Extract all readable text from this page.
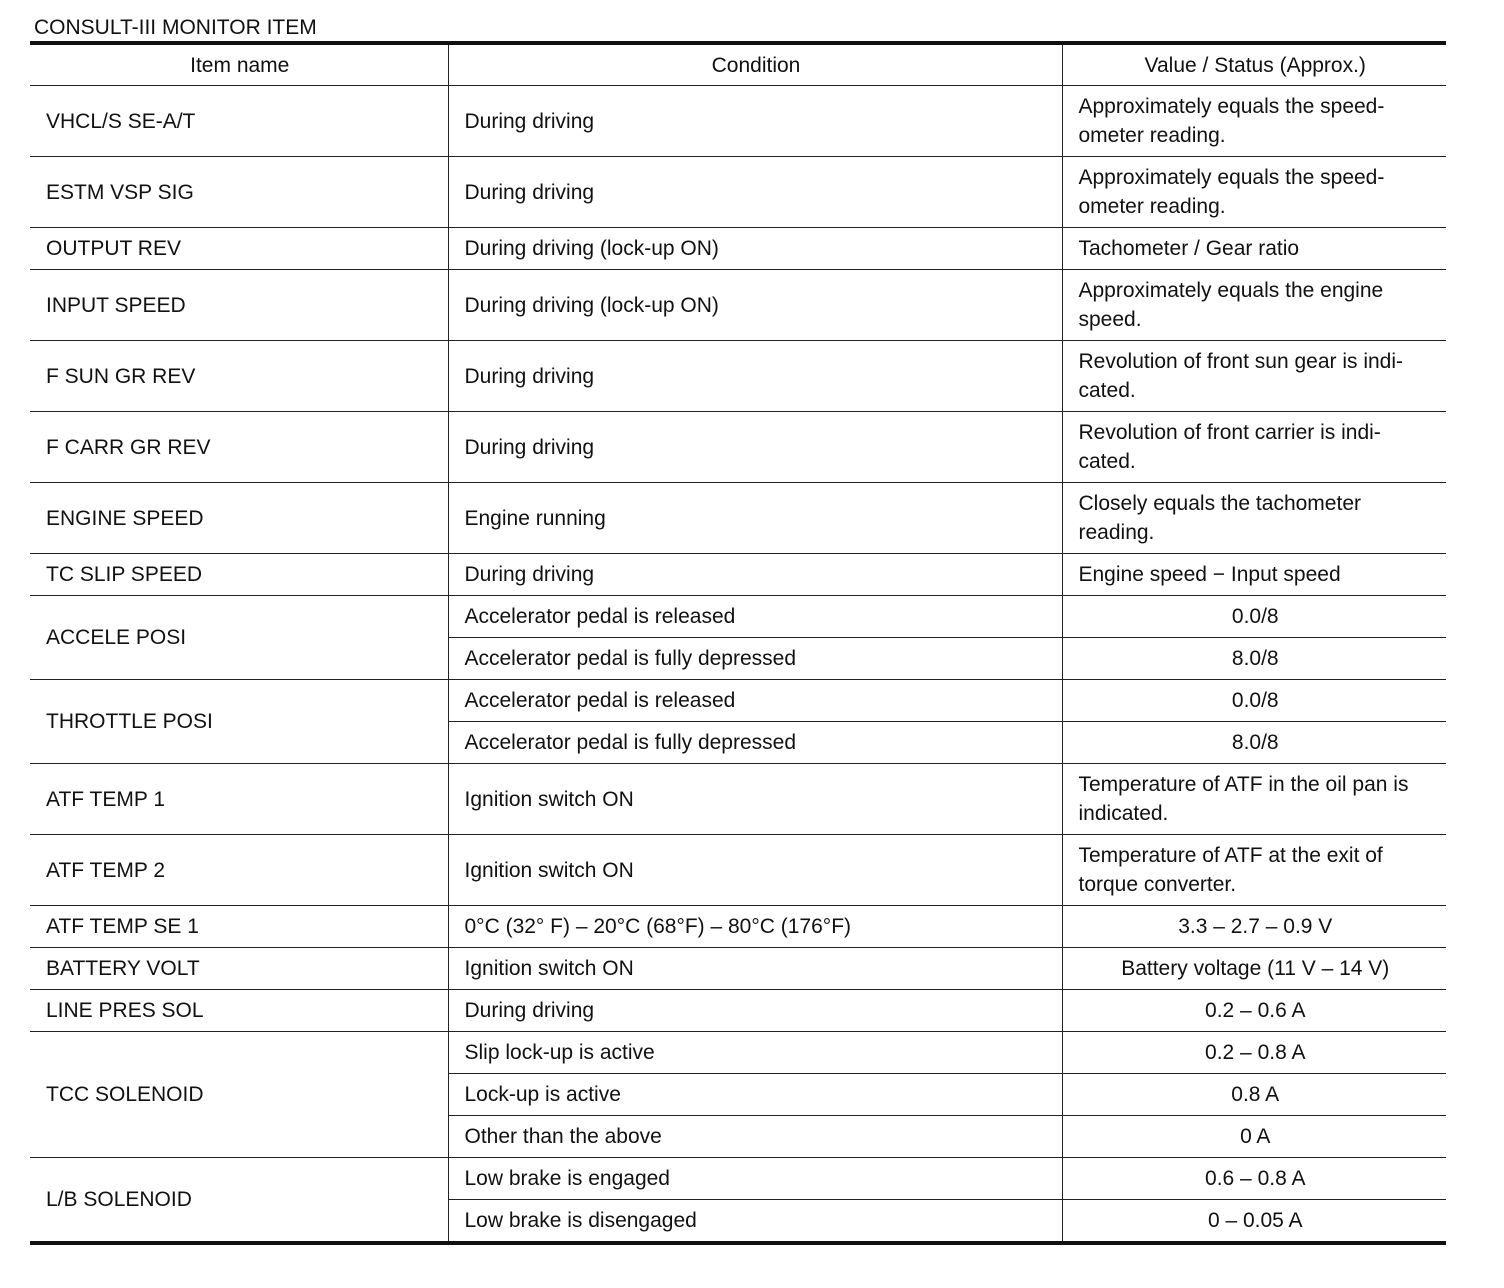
CONSULT-III MONITOR ITEM
Item name	Condition	Value / Status (Approx.)
VHCL/S SE-A/T	During driving	Approximately equals the speed-ometer reading.
ESTM VSP SIG	During driving	Approximately equals the speed-ometer reading.
OUTPUT REV	During driving (lock-up ON)	Tachometer / Gear ratio
INPUT SPEED	During driving (lock-up ON)	Approximately equals the engine speed.
F SUN GR REV	During driving	Revolution of front sun gear is indi-cated.
F CARR GR REV	During driving	Revolution of front carrier is indi-cated.
ENGINE SPEED	Engine running	Closely equals the tachometer reading.
TC SLIP SPEED	During driving	Engine speed − Input speed
ACCELE POSI	Accelerator pedal is released	0.0/8
	Accelerator pedal is fully depressed	8.0/8
THROTTLE POSI	Accelerator pedal is released	0.0/8
	Accelerator pedal is fully depressed	8.0/8
ATF TEMP 1	Ignition switch ON	Temperature of ATF in the oil pan is indicated.
ATF TEMP 2	Ignition switch ON	Temperature of ATF at the exit of torque converter.
ATF TEMP SE 1	0°C (32° F) – 20°C (68°F) – 80°C (176°F)	3.3 – 2.7 – 0.9 V
BATTERY VOLT	Ignition switch ON	Battery voltage (11 V – 14 V)
LINE PRES SOL	During driving	0.2 – 0.6 A
TCC SOLENOID	Slip lock-up is active	0.2 – 0.8 A
	Lock-up is active	0.8 A
	Other than the above	0 A
L/B SOLENOID	Low brake is engaged	0.6 – 0.8 A
	Low brake is disengaged	0 – 0.05 A
